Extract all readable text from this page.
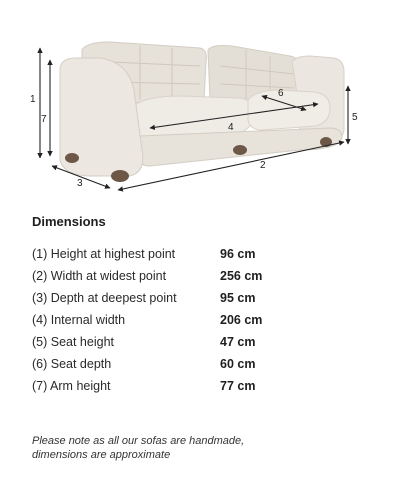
1
7
3
2
4
6
5
Dimensions
(1) Height at highest point	96 cm
(2) Width at widest point	256 cm
(3) Depth at deepest point	95 cm
(4) Internal width	206 cm
(5) Seat height	47 cm
(6) Seat depth	60 cm
(7) Arm height	77 cm
Please note as all our sofas are handmade,
dimensions are approximate
